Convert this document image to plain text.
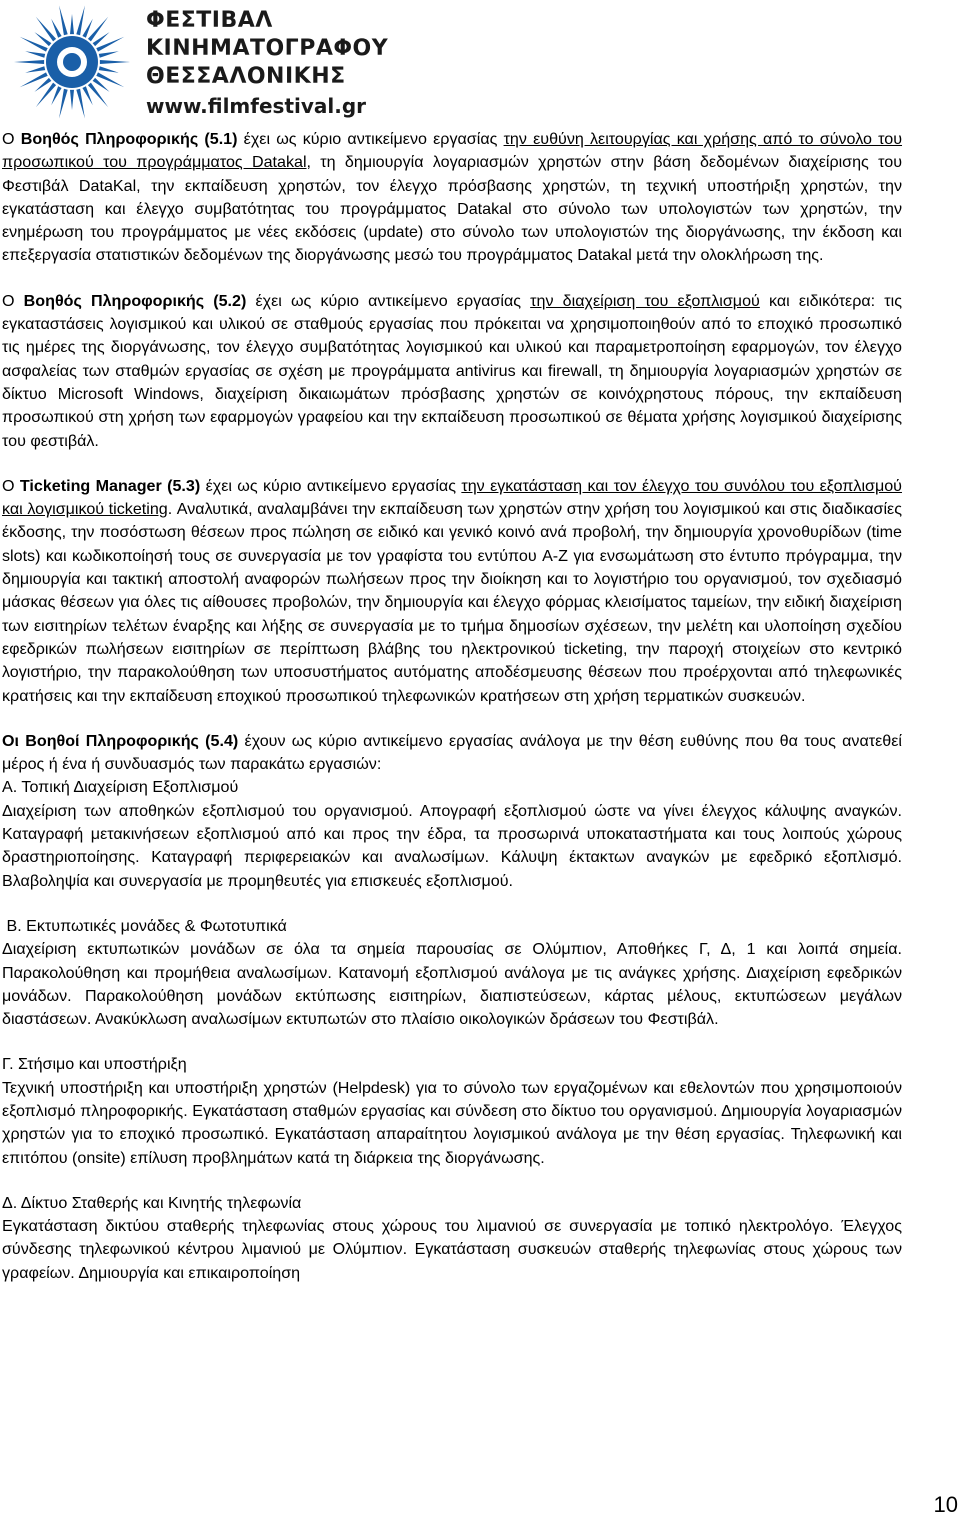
ΦΕΣΤΙΒΑΛ
ΚΙΝΗΜΑΤΟΓΡΑΦΟΥ
ΘΕΣΣΑΛΟΝΙΚΗΣ
www.filmfestival.gr

Ο Βοηθός Πληροφορικής (5.1) έχει ως κύριο αντικείμενο εργασίας την ευθύνη λειτουργίας και χρήσης από το σύνολο του προσωπικού του προγράμματος Datakal, τη δημιουργία λογαριασμών χρηστών στην βάση δεδομένων διαχείρισης του Φεστιβάλ DataKal, την εκπαίδευση χρηστών, τον έλεγχο πρόσβασης χρηστών, τη τεχνική υποστήριξη χρηστών, την εγκατάσταση και έλεγχο συμβατότητας του προγράμματος Datakal στο σύνολο των υπολογιστών των χρηστών, την ενημέρωση του προγράμματος με νέες εκδόσεις (update) στο σύνολο των υπολογιστών της διοργάνωσης, την έκδοση και επεξεργασία στατιστικών δεδομένων της διοργάνωσης μεσώ του προγράμματος Datakal μετά την ολοκλήρωση της.

Ο Βοηθός Πληροφορικής (5.2) έχει ως κύριο αντικείμενο εργασίας την διαχείριση του εξοπλισμού και ειδικότερα: τις εγκαταστάσεις λογισμικού και υλικού σε σταθμούς εργασίας που πρόκειται να χρησιμοποιηθούν από το εποχικό προσωπικό τις ημέρες της διοργάνωσης, τον έλεγχο συμβατότητας λογισμικού και υλικού και παραμετροποίηση εφαρμογών, τον έλεγχο ασφαλείας των σταθμών εργασίας σε σχέση με προγράμματα antivirus και firewall, τη δημιουργία λογαριασμών χρηστών σε δίκτυο Microsoft Windows, διαχείριση δικαιωμάτων πρόσβασης χρηστών σε κοινόχρηστους πόρους, την εκπαίδευση προσωπικού στη χρήση των εφαρμογών γραφείου και την εκπαίδευση προσωπικού σε θέματα χρήσης λογισμικού διαχείρισης του φεστιβάλ.

Ο Ticketing Manager (5.3) έχει ως κύριο αντικείμενο εργασίας την εγκατάσταση και τον έλεγχο του συνόλου του εξοπλισμού και λογισμικού ticketing. Αναλυτικά, αναλαμβάνει την εκπαίδευση των χρηστών στην χρήση του λογισμικού και στις διαδικασίες έκδοσης, την ποσόστωση θέσεων προς πώληση σε ειδικό και γενικό κοινό ανά προβολή, την δημιουργία χρονοθυρίδων (time slots) και κωδικοποίησή τους σε συνεργασία με τον γραφίστα του εντύπου A-Z για ενσωμάτωση στο έντυπο πρόγραμμα, την δημιουργία και τακτική αποστολή αναφορών πωλήσεων προς την διοίκηση και το λογιστήριο του οργανισμού, τον σχεδιασμό μάσκας θέσεων για όλες τις αίθουσες προβολών, την δημιουργία και έλεγχο φόρμας κλεισίματος ταμείων, την ειδική διαχείριση των εισιτηρίων τελέτων έναρξης και λήξης σε συνεργασία με το τμήμα δημοσίων σχέσεων, την μελέτη και υλοποίηση σχεδίου εφεδρικών πωλήσεων εισιτηρίων σε περίπτωση βλάβης του ηλεκτρονικού ticketing, την παροχή στοιχείων στο κεντρικό λογιστήριο, την παρακολούθηση των υποσυστήματος αυτόματης αποδέσμευσης θέσεων που προέρχονται από τηλεφωνικές κρατήσεις και την εκπαίδευση εποχικού προσωπικού τηλεφωνικών κρατήσεων στη χρήση τερματικών συσκευών.

Οι Βοηθοί Πληροφορικής (5.4) έχουν ως κύριο αντικείμενο εργασίας ανάλογα με την θέση ευθύνης που θα τους ανατεθεί μέρος ή ένα ή συνδυασμός των παρακάτω εργασιών:

Α. Τοπική Διαχείριση Εξοπλισμού

Διαχείριση των αποθηκών εξοπλισμού του οργανισμού. Απογραφή εξοπλισμού ώστε να γίνει έλεγχος κάλυψης αναγκών. Καταγραφή μετακινήσεων εξοπλισμού από και προς την έδρα, τα προσωρινά υποκαταστήματα και τους λοιπούς χώρους δραστηριοποίησης. Καταγραφή περιφερειακών και αναλωσίμων. Κάλυψη έκτακτων αναγκών με εφεδρικό εξοπλισμό. Βλαβοληψία και συνεργασία με προμηθευτές για επισκευές εξοπλισμού.

Β. Εκτυπωτικές μονάδες & Φωτοτυπικά

Διαχείριση εκτυπωτικών μονάδων σε όλα τα σημεία παρουσίας σε Ολύμπιον, Αποθήκες Γ, Δ, 1 και λοιπά σημεία. Παρακολούθηση και προμήθεια αναλωσίμων. Κατανομή εξοπλισμού ανάλογα με τις ανάγκες χρήσης. Διαχείριση εφεδρικών μονάδων. Παρακολούθηση μονάδων εκτύπωσης εισιτηρίων, διαπιστεύσεων, κάρτας μέλους, εκτυπώσεων μεγάλων διαστάσεων. Ανακύκλωση αναλωσίμων εκτυπωτών στο πλαίσιο οικολογικών δράσεων του Φεστιβάλ.

Γ. Στήσιμο και υποστήριξη

Τεχνική υποστήριξη και υποστήριξη χρηστών (Helpdesk) για το σύνολο των εργαζομένων και εθελοντών που χρησιμοποιούν εξοπλισμό πληροφορικής. Εγκατάσταση σταθμών εργασίας και σύνδεση στο δίκτυο του οργανισμού. Δημιουργία λογαριασμών χρηστών για το εποχικό προσωπικό. Εγκατάσταση απαραίτητου λογισμικού ανάλογα με την θέση εργασίας. Τηλεφωνική και επιτόπου (onsite) επίλυση προβλημάτων κατά τη διάρκεια της διοργάνωσης.

Δ. Δίκτυο Σταθερής και Κινητής τηλεφωνία

Εγκατάσταση δικτύου σταθερής τηλεφωνίας στους χώρους του λιμανιού σε συνεργασία με τοπικό ηλεκτρολόγο. Έλεγχος σύνδεσης τηλεφωνικού κέντρου λιμανιού με Ολύμπιον. Εγκατάσταση συσκευών σταθερής τηλεφωνίας στους χώρους των γραφείων. Δημιουργία και επικαιροποίηση

10
